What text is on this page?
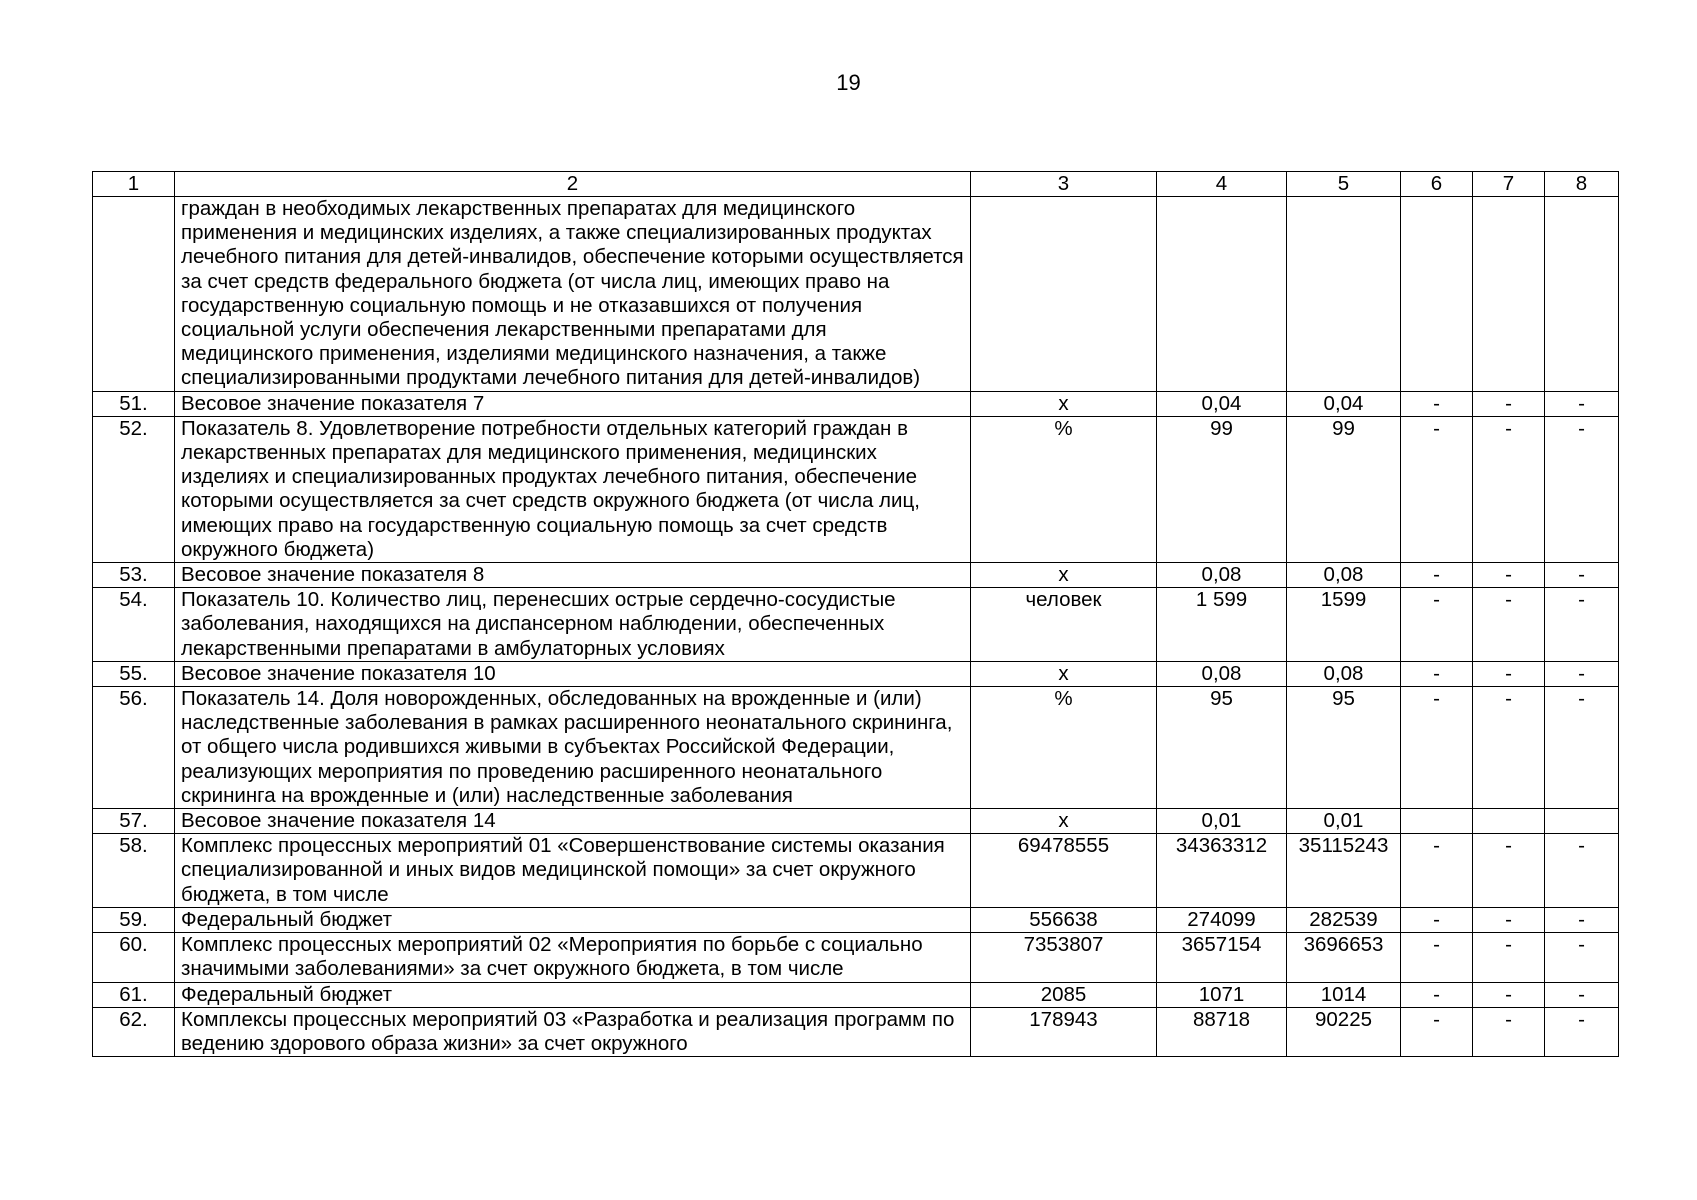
19
1	2	3	4	5	6	7	8
	граждан в необходимых лекарственных препаратах для медицинского применения и медицинских изделиях, а также специализированных продуктах лечебного питания для детей-инвалидов, обеспечение которыми осуществляется за счет средств федерального бюджета (от числа лиц, имеющих право на государственную социальную помощь и не отказавшихся от получения социальной услуги обеспечения лекарственными препаратами для медицинского применения, изделиями медицинского назначения, а также специализированными продуктами лечебного питания для детей-инвалидов)						
51.	Весовое значение показателя 7	х	0,04	0,04	-	-	-
52.	Показатель 8. Удовлетворение потребности отдельных категорий граждан в лекарственных препаратах для медицинского применения, медицинских изделиях и специализированных продуктах лечебного питания, обеспечение которыми осуществляется за счет средств окружного бюджета (от числа лиц, имеющих право на государственную социальную помощь за счет средств окружного бюджета)	%	99	99	-	-	-
53.	Весовое значение показателя 8	х	0,08	0,08	-	-	-
54.	Показатель 10. Количество лиц, перенесших острые сердечно-сосудистые заболевания, находящихся на диспансерном наблюдении, обеспеченных лекарственными препаратами в амбулаторных условиях	человек	1 599	1599	-	-	-
55.	Весовое значение показателя 10	х	0,08	0,08	-	-	-
56.	Показатель 14. Доля новорожденных, обследованных на врожденные и (или) наследственные заболевания в рамках расширенного неонатального скрининга, от общего числа родившихся живыми в субъектах Российской Федерации, реализующих мероприятия по проведению расширенного неонатального скрининга на врожденные и (или) наследственные заболевания	%	95	95	-	-	-
57.	Весовое значение показателя 14	х	0,01	0,01			
58.	Комплекс процессных мероприятий 01 «Совершенствование системы оказания специализированной и иных видов медицинской помощи» за счет окружного бюджета, в том числе	69478555	34363312	35115243	-	-	-
59.	Федеральный бюджет	556638	274099	282539	-	-	-
60.	Комплекс процессных мероприятий 02 «Мероприятия по борьбе с социально значимыми заболеваниями» за счет окружного бюджета, в том числе	7353807	3657154	3696653	-	-	-
61.	Федеральный бюджет	2085	1071	1014	-	-	-
62.	Комплексы процессных мероприятий 03 «Разработка и реализация программ по ведению здорового образа жизни» за счет окружного	178943	88718	90225	-	-	-
